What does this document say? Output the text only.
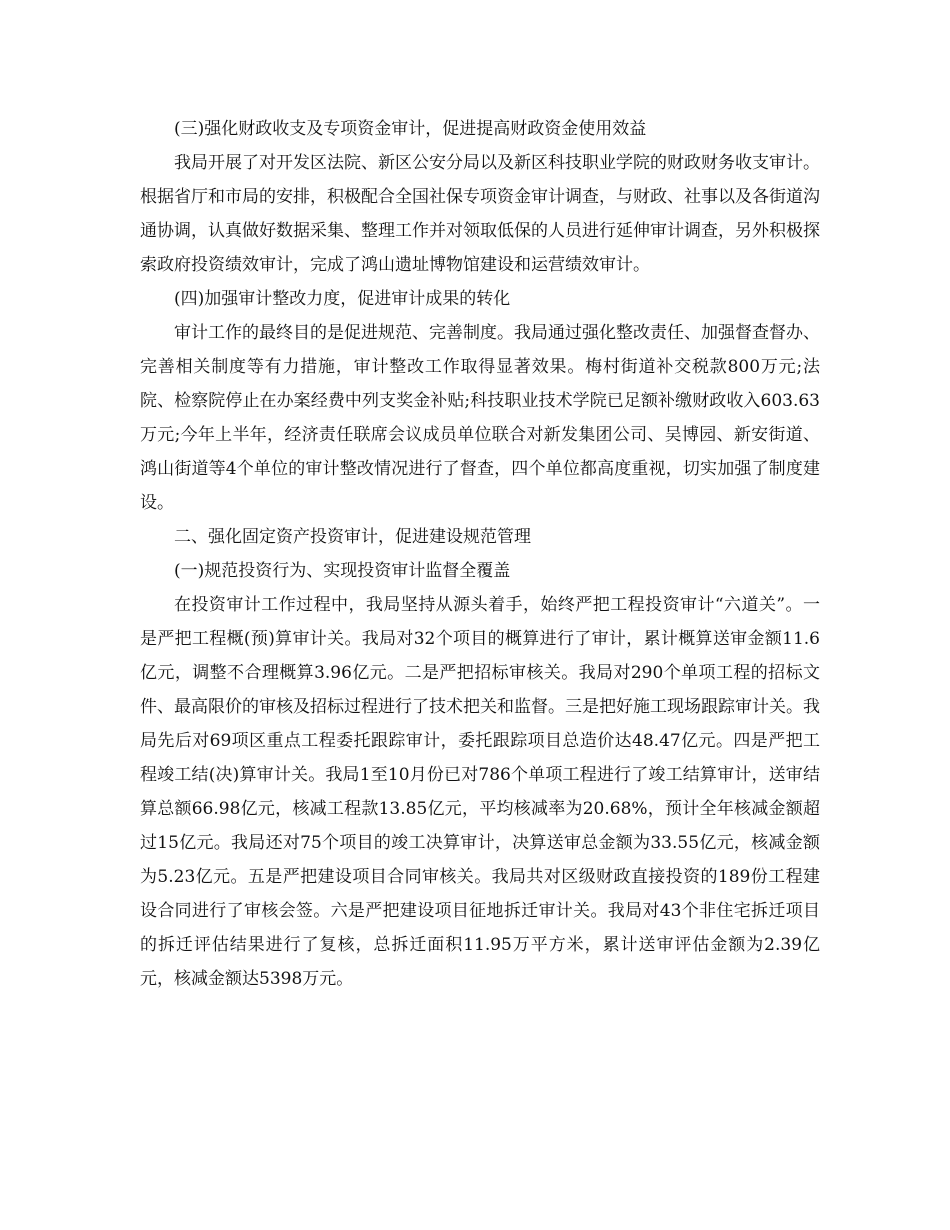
(三)强化财政收支及专项资金审计，促进提高财政资金使用效益

我局开展了对开发区法院、新区公安分局以及新区科技职业学院的财政财务收支审计。根据省厅和市局的安排，积极配合全国社保专项资金审计调查，与财政、社事以及各街道沟通协调，认真做好数据采集、整理工作并对领取低保的人员进行延伸审计调查，另外积极探索政府投资绩效审计，完成了鸿山遗址博物馆建设和运营绩效审计。

(四)加强审计整改力度，促进审计成果的转化

审计工作的最终目的是促进规范、完善制度。我局通过强化整改责任、加强督查督办、完善相关制度等有力措施，审计整改工作取得显著效果。梅村街道补交税款800万元;法院、检察院停止在办案经费中列支奖金补贴;科技职业技术学院已足额补缴财政收入603.63万元;今年上半年，经济责任联席会议成员单位联合对新发集团公司、吴博园、新安街道、鸿山街道等4个单位的审计整改情况进行了督查，四个单位都高度重视，切实加强了制度建设。

二、强化固定资产投资审计，促进建设规范管理

(一)规范投资行为、实现投资审计监督全覆盖

在投资审计工作过程中，我局坚持从源头着手，始终严把工程投资审计“六道关”。一是严把工程概(预)算审计关。我局对32个项目的概算进行了审计，累计概算送审金额11.6亿元，调整不合理概算3.96亿元。二是严把招标审核关。我局对290个单项工程的招标文件、最高限价的审核及招标过程进行了技术把关和监督。三是把好施工现场跟踪审计关。我局先后对69项区重点工程委托跟踪审计，委托跟踪项目总造价达48.47亿元。四是严把工程竣工结(决)算审计关。我局1至10月份已对786个单项工程进行了竣工结算审计，送审结算总额66.98亿元，核减工程款13.85亿元，平均核减率为20.68%，预计全年核减金额超过15亿元。我局还对75个项目的竣工决算审计，决算送审总金额为33.55亿元，核减金额为5.23亿元。五是严把建设项目合同审核关。我局共对区级财政直接投资的189份工程建设合同进行了审核会签。六是严把建设项目征地拆迁审计关。我局对43个非住宅拆迁项目的拆迁评估结果进行了复核，总拆迁面积11.95万平方米，累计送审评估金额为2.39亿元，核减金额达5398万元。
